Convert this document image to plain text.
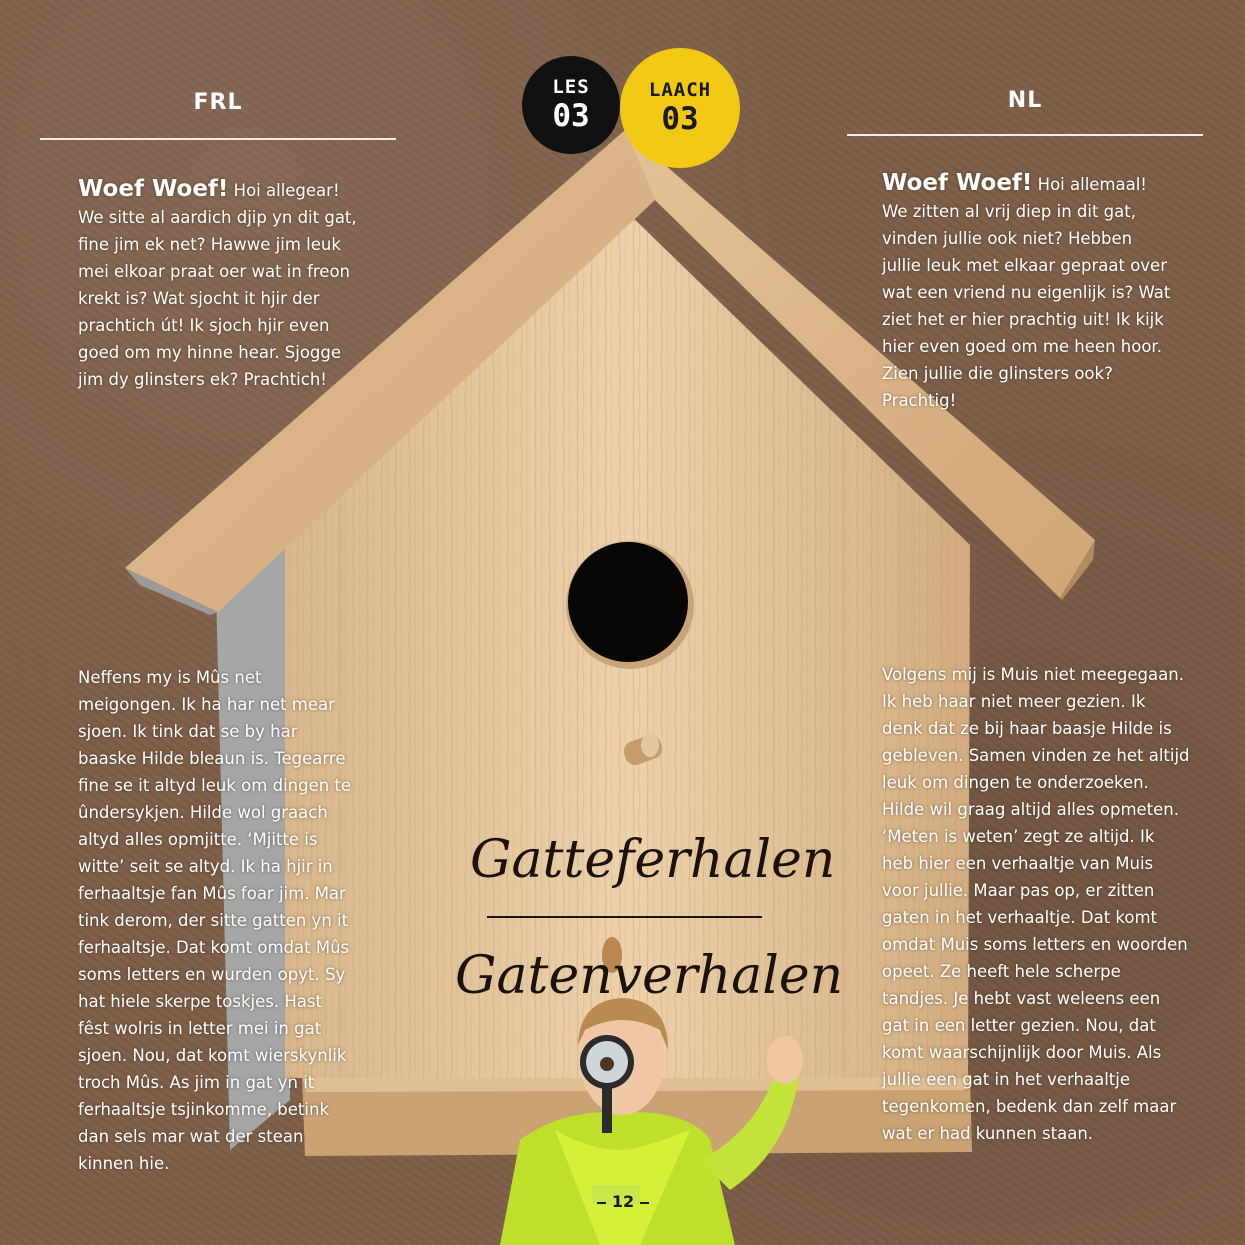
LES
03
LAACH
03
FRL	NL
Woef Woef! Hoi allegear! We sitte al aardich djip yn dit gat, fine jim ek net? Hawwe jim leuk mei elkoar praat oer wat in freon krekt is? Wat sjocht it hjir der prachtich út! Ik sjoch hjir even goed om my hinne hear. Sjogge jim dy glinsters ek? Prachtich!
Neffens my is Mûs net meigongen. Ik ha har net mear sjoen. Ik tink dat se by har baaske Hilde bleaun is. Tegearre fine se it altyd leuk om dingen te ûndersykjen. Hilde wol graach altyd alles opmjitte. ‘Mjitte is witte’ seit se altyd. Ik ha hjir in ferhaaltsje fan Mûs foar jim. Mar tink derom, der sitte gatten yn it ferhaaltsje. Dat komt omdat Mûs soms letters en wurden opyt. Sy hat hiele skerpe toskjes. Hast fêst wolris in letter mei in gat sjoen. Nou, dat komt wierskynlik troch Mûs. As jim in gat yn it ferhaaltsje tsjinkomme, betink dan sels mar wat der stean kinnen hie.
Woef Woef! Hoi allemaal! We zitten al vrij diep in dit gat, vinden jullie ook niet? Hebben jullie leuk met elkaar gepraat over wat een vriend nu eigenlijk is? Wat ziet het er hier prachtig uit! Ik kijk hier even goed om me heen hoor. Zien jullie die glinsters ook? Prachtig!
Volgens mij is Muis niet meegegaan. Ik heb haar niet meer gezien. Ik denk dat ze bij haar baasje Hilde is gebleven. Samen vinden ze het altijd leuk om dingen te onderzoeken. Hilde wil graag altijd alles opmeten. ‘Meten is weten’ zegt ze altijd. Ik heb hier een verhaaltje van Muis voor jullie. Maar pas op, er zitten gaten in het verhaaltje. Dat komt omdat Muis soms letters en woorden opeet. Ze heeft hele scherpe tandjes. Je hebt vast weleens een gat in een letter gezien. Nou, dat komt waarschijnlijk door Muis. Als jullie een gat in het verhaaltje tegenkomen, bedenk dan zelf maar wat er had kunnen staan.
Gatteferhalen
Gatenverhalen
12
